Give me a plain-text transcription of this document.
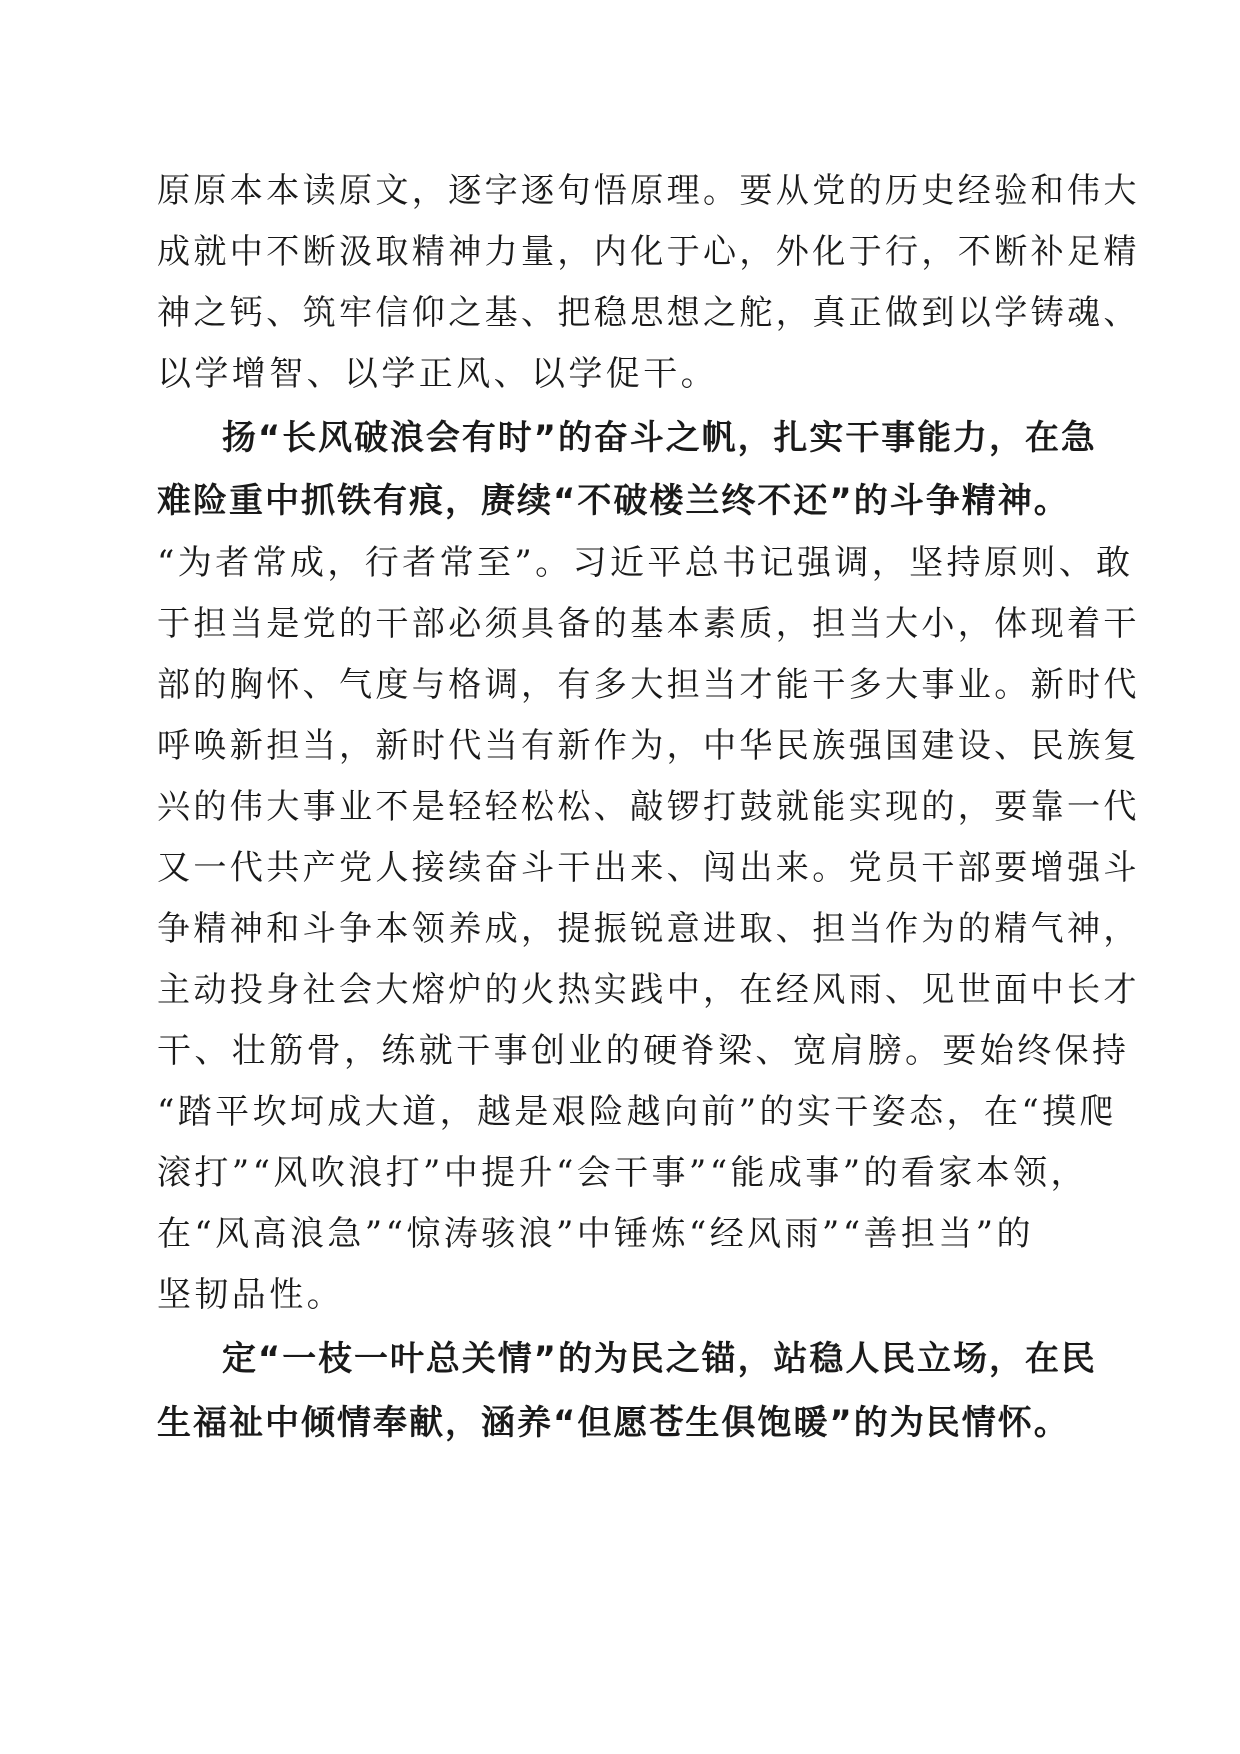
原原本本读原文，逐字逐句悟原理。要从党的历史经验和伟大
成就中不断汲取精神力量，内化于心，外化于行，不断补足精
神之钙、筑牢信仰之基、把稳思想之舵，真正做到以学铸魂、
以学增智、以学正风、以学促干。
扬“长风破浪会有时”的奋斗之帆，扎实干事能力，在急
难险重中抓铁有痕，赓续“不破楼兰终不还”的斗争精神。
“为者常成，行者常至”。习近平总书记强调，坚持原则、敢
于担当是党的干部必须具备的基本素质，担当大小，体现着干
部的胸怀、气度与格调，有多大担当才能干多大事业。新时代
呼唤新担当，新时代当有新作为，中华民族强国建设、民族复
兴的伟大事业不是轻轻松松、敲锣打鼓就能实现的，要靠一代
又一代共产党人接续奋斗干出来、闯出来。党员干部要增强斗
争精神和斗争本领养成，提振锐意进取、担当作为的精气神，
主动投身社会大熔炉的火热实践中，在经风雨、见世面中长才
干、壮筋骨，练就干事创业的硬脊梁、宽肩膀。要始终保持
“踏平坎坷成大道，越是艰险越向前”的实干姿态，在“摸爬
滚打”“风吹浪打”中提升“会干事”“能成事”的看家本领，
在“风高浪急”“惊涛骇浪”中锤炼“经风雨”“善担当”的
坚韧品性。
定“一枝一叶总关情”的为民之锚，站稳人民立场，在民
生福祉中倾情奉献，涵养“但愿苍生俱饱暖”的为民情怀。
